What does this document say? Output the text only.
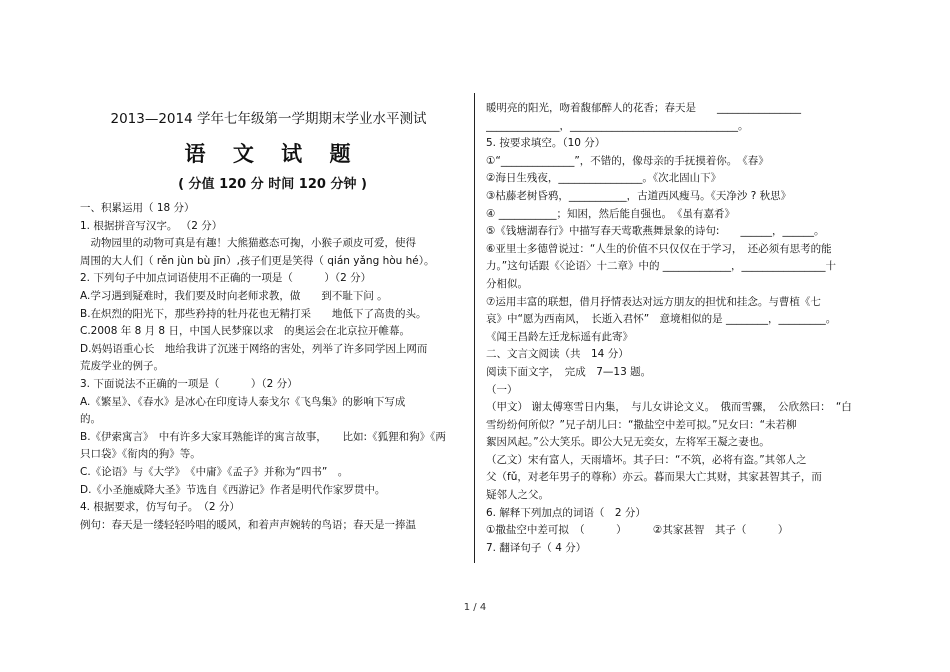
2013—2014 学年七年级第一学期期末学业水平测试
语 文 试 题
( 分值 120 分 时间 120 分钟 )
一、积累运用（ 18 分）
1. 根据拼音写汉字。 （2 分）
　动物园里的动物可真是有趣！大熊猫憨态可掬，小猴子顽皮可爱，使得
周围的大人们（ rěn jùn bù jīn）,孩子们更是笑得（ qián yǎng hòu hé）。
2. 下列句子中加点词语使用不正确的一项是（　　　）（2 分）
A.学习遇到疑难时，我们要及时向老师求教，做　　到不耻下问 。
B.在炽烈的阳光下，那些矜持的牡丹花也无精打采　　地低下了高贵的头。
C.2008 年 8 月 8 日，中国人民梦寐以求　的奥运会在北京拉开帷幕。
D.妈妈语重心长　地给我讲了沉迷于网络的害处，列举了许多同学因上网而
荒废学业的例子。
3. 下面说法不正确的一项是（　　　）（2 分）
A.《繁星》、《春水》是冰心在印度诗人泰戈尔《飞鸟集》的影响下写成
的。
B.《伊索寓言》　中有许多大家耳熟能详的寓言故事，　　比如:《狐狸和狗》《两
只口袋》《衔肉的狗》等。
C.《论语》与《大学》　《中庸》《孟子》并称为“四书”　。
D.《小圣施威降大圣》节选自《西游记》作者是明代作家罗贯中。
4. 根据要求，仿写句子。　（2 分）
例句：春天是一缕轻轻吟唱的暖风，和着声声婉转的鸟语；春天是一捧温
暖明亮的阳光，吻着馥郁醉人的花香；春天是　　________________
______________，________________________________。
5. 按要求填空。（10 分）
①“______________”，不错的，像母亲的手抚摸着你。　《春》
②海日生残夜，________________。《次北固山下》
③枯藤老树昏鸦，___________，古道西风瘦马。《天净沙 ? 秋思》
④ ___________；知困，然后能自强也。　《虽有嘉肴》
⑤《钱塘湖春行》中描写春天莺歌燕舞景象的诗句:　　______，______。
⑥亚里士多德曾说过：“人生的价值不只仅仅在于学习，　还必须有思考的能
力。”这句话跟《〈论语〉十二章》中的 _____________，________________十
分相似。
⑦运用丰富的联想，借月抒情表达对远方朋友的担忧和挂念。与曹植《七
哀》中“愿为西南风，　长逝入君怀”　意境相似的是 ________，_________。
《闻王昌龄左迁龙标遥有此寄》
二、文言文阅读（共　14 分）
阅读下面文字，　完成　7—13 题。
（一）
（甲文） 谢太傅寒雪日内集，　与儿女讲论文义。　俄而雪骤，　公欣然曰：　“白
雪纷纷何所似？”兄子胡儿曰：“撒盐空中差可拟。”兄女曰：“未若柳
絮因风起。”公大笑乐。即公大兄无奕女，左将军王凝之妻也。
（乙文）宋有富人，天雨墙坏。其子曰：“不筑，必将有盗。”其邻人之
父（fǔ，对老年男子的尊称）亦云。暮而果大亡其财，其家甚智其子，而
疑邻人之父。
6. 解释下列加点的词语（　2 分）
①撒盐空中差可拟　（　　　）　　　②其家甚智　其子（　　　）
7. 翻译句子（ 4 分）
1 / 4
